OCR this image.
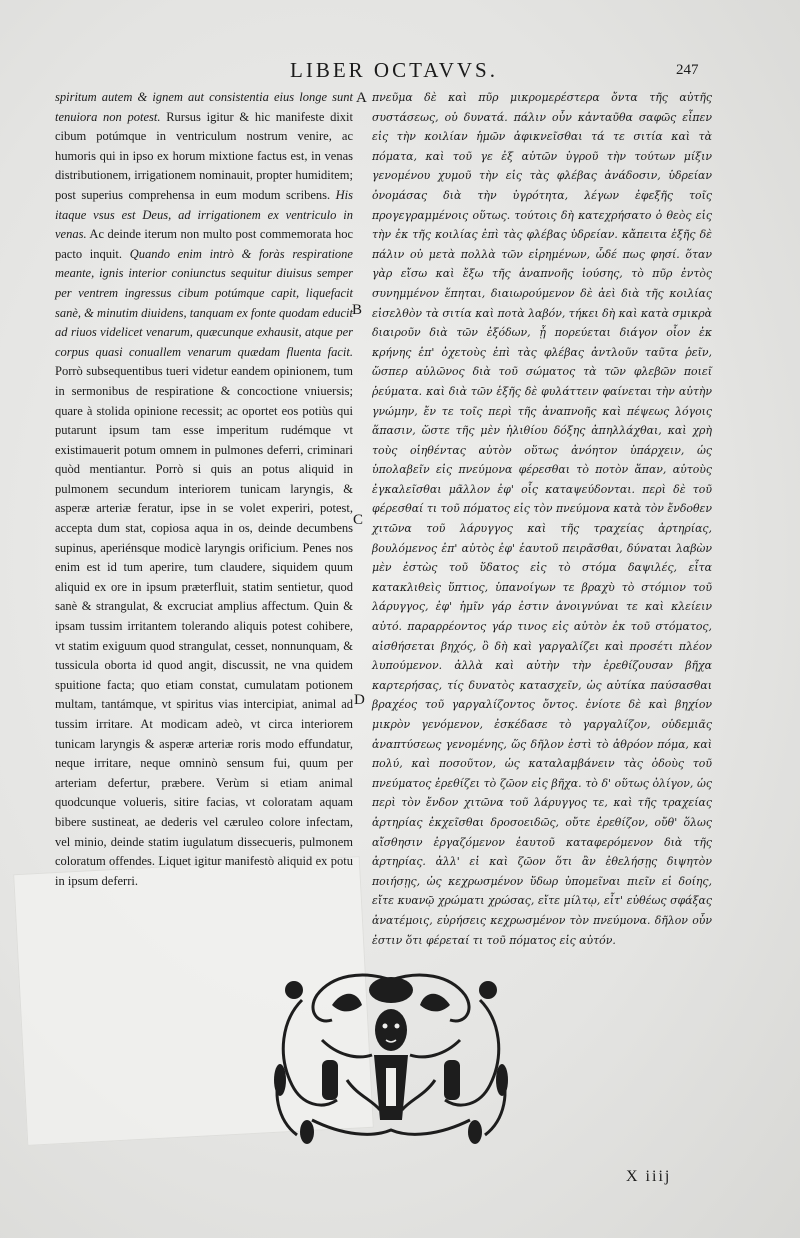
LIBER OCTAVVS.	247

spiritum autem & ignem aut consistentia eius longe sunt tenuiora non potest. Rursus igitur & hic manifeste dixit cibum potúmque in ventriculum nostrum venire, ac humoris qui in ipso ex horum mixtione factus est, in venas distributionem, irrigationem nominauit, propter humiditem; post superius comprehensa in eum modum scribens. His itaque vsus est Deus, ad irrigationem ex ventriculo in venas. Ac deinde iterum non multo post commemorata hoc pacto inquit. Quando enim intrò & foràs respiratione meante, ignis interior coniunctus sequitur diuisus semper per ventrem ingressus cibum potúmque capit, liquefacit sanè, & minutim diuidens, tanquam ex fonte quodam educit ad riuos videlicet venarum, quæcunque exhausit, atque per corpus quasi conuallem venarum quædam fluenta facit. Porrò subsequentibus tueri videtur eandem opinionem, tum in sermonibus de respiratione & concoctione vniuersis; quare à stolida opinione recessit; ac oportet eos potiùs qui putarunt ipsum tam esse imperitum rudémque vt existimauerit potum omnem in pulmones deferri, criminari quòd mentiantur. Porrò si quis an potus aliquid in pulmonem secundum interiorem tunicam laryngis, & asperæ arteriæ feratur, ipse in se volet experiri, potest, accepta dum stat, copiosa aqua in os, deinde decumbens supinus, aperiénsque modicè laryngis orificium. Penes nos enim est id tum aperire, tum claudere, siquidem quum aliquid ex ore in ipsum præterfluit, statim sentietur, quod sanè & strangulat, & excruciat amplius affectum. Quin & ipsam tussim irritantem tolerando aliquis potest cohibere, vt statim exiguum quod strangulat, cesset, nonnunquam, & tussicula oborta id quod angit, discussit, ne vna quidem spuitione facta; quo etiam constat, cumulatam potionem multam, tantámque, vt spiritus vias intercipiat, animal ad tussim irritare. At modicam adeò, vt circa interiorem tunicam laryngis & asperæ arteriæ roris modo effundatur, neque irritare, neque omninò sensum fui, quum per arteriam defertur, præbere. Verùm si etiam animal quodcunque volueris, sitire facias, vt coloratam aquam bibere sustineat, ae dederis vel cæruleo colore infectam, vel minio, deinde statim iugulatum dissecueris, pulmonem coloratum offendes. Liquet igitur manifestò aliquid ex potu in ipsum deferri.

A
B
C
D

πνεῦμα δὲ καὶ πῦρ μικρομερέστερα ὄντα τῆς αὐτῆς συστάσεως, οὐ δυνατά. πάλιν οὖν κἀνταῦθα σαφῶς εἶπεν εἰς τὴν κοιλίαν ἡμῶν ἀφικνεῖσθαι τά τε σιτία καὶ τὰ πόματα, καὶ τοῦ γε ἐξ αὐτῶν ὑγροῦ τὴν τούτων μίξιν γενομένου χυμοῦ τὴν εἰς τὰς φλέβας ἀνάδοσιν, ὑδρείαν ὀνομάσας διὰ τὴν ὑγρότητα, λέγων ἐφεξῆς τοῖς προγεγραμμένοις οὕτως. τούτοις δὴ κατεχρήσατο ὁ θεὸς εἰς τὴν ἐκ τῆς κοιλίας ἐπὶ τὰς φλέβας ὑδρείαν. κἄπειτα ἑξῆς δὲ πάλιν οὐ μετὰ πολλὰ τῶν εἰρημένων, ὧδέ πως φησί. ὅταν γὰρ εἴσω καὶ ἔξω τῆς ἀναπνοῆς ἰούσης, τὸ πῦρ ἐντὸς συνημμένον ἕπηται, διαιωρούμενον δὲ ἀεὶ διὰ τῆς κοιλίας εἰσελθὸν τὰ σιτία καὶ ποτὰ λαβόν, τήκει δὴ καὶ κατὰ σμικρὰ διαιροῦν διὰ τῶν ἐξόδων, ᾗ πορεύεται διάγον οἷον ἐκ κρήνης ἐπ' ὀχετοὺς ἐπὶ τὰς φλέβας ἀντλοῦν ταῦτα ῥεῖν, ὥσπερ αὐλῶνος διὰ τοῦ σώματος τὰ τῶν φλεβῶν ποιεῖ ῥεύματα. καὶ διὰ τῶν ἑξῆς δὲ φυλάττειν φαίνεται τὴν αὐτὴν γνώμην, ἔν τε τοῖς περὶ τῆς ἀναπνοῆς καὶ πέψεως λόγοις ἅπασιν, ὥστε τῆς μὲν ἠλιθίου δόξης ἀπηλλάχθαι, καὶ χρὴ τοὺς οἰηθέντας αὐτὸν οὕτως ἀνόητον ὑπάρχειν, ὡς ὑπολαβεῖν εἰς πνεύμονα φέρεσθαι τὸ ποτὸν ἅπαν, αὐτοὺς ἐγκαλεῖσθαι μᾶλλον ἐφ' οἷς καταψεύδονται. περὶ δὲ τοῦ φέρεσθαί τι τοῦ πόματος εἰς τὸν πνεύμονα κατὰ τὸν ἔνδοθεν χιτῶνα τοῦ λάρυγγος καὶ τῆς τραχείας ἀρτηρίας, βουλόμενος ἐπ' αὐτὸς ἐφ' ἑαυτοῦ πειρᾶσθαι, δύναται λαβὼν μὲν ἑστὼς τοῦ ὕδατος εἰς τὸ στόμα δαψιλές, εἶτα κατακλιθεὶς ὕπτιος, ὑπανοίγων τε βραχὺ τὸ στόμιον τοῦ λάρυγγος, ἐφ' ἡμῖν γάρ ἐστιν ἀνοιγνύναι τε καὶ κλείειν αὐτό. παραρρέοντος γάρ τινος εἰς αὐτὸν ἐκ τοῦ στόματος, αἰσθήσεται βηχός, ὃ δὴ καὶ γαργαλίζει καὶ προσέτι πλέον λυπούμενον. ἀλλὰ καὶ αὐτὴν τὴν ἐρεθίζουσαν βῆχα καρτερήσας, τίς δυνατὸς κατασχεῖν, ὡς αὐτίκα παύσασθαι βραχέος τοῦ γαργαλίζοντος ὄντος. ἐνίοτε δὲ καὶ βηχίον μικρὸν γενόμενον, ἐσκέδασε τὸ γαργαλίζον, οὐδεμιᾶς ἀναπτύσεως γενομένης, ὥς δῆλον ἐστὶ τὸ ἀθρόον πόμα, καὶ πολύ, καὶ ποσοῦτον, ὡς καταλαμβάνειν τὰς ὁδοὺς τοῦ πνεύματος ἐρεθίζει τὸ ζῶον εἰς βῆχα. τὸ δ' οὕτως ὀλίγον, ὡς περὶ τὸν ἔνδον χιτῶνα τοῦ λάρυγγος τε, καὶ τῆς τραχείας ἀρτηρίας ἐκχεῖσθαι δροσοειδῶς, οὔτε ἐρεθίζον, οὔθ' ὅλως αἴσθησιν ἐργαζόμενον ἑαυτοῦ καταφερόμενον διὰ τῆς ἀρτηρίας. ἀλλ' εἰ καὶ ζῶον ὅτι ἂν ἐθελήσῃς διψητὸν ποιήσῃς, ὡς κεχρωσμένον ὕδωρ ὑπομεῖναι πιεῖν εἰ δοίης, εἴτε κυανῷ χρώματι χρώσας, εἴτε μίλτῳ, εἶτ' εὐθέως σφάξας ἀνατέμοις, εὑρήσεις κεχρωσμένον τὸν πνεύμονα. δῆλον οὖν ἐστιν ὅτι φέρεταί τι τοῦ πόματος εἰς αὐτόν.

X iiij
